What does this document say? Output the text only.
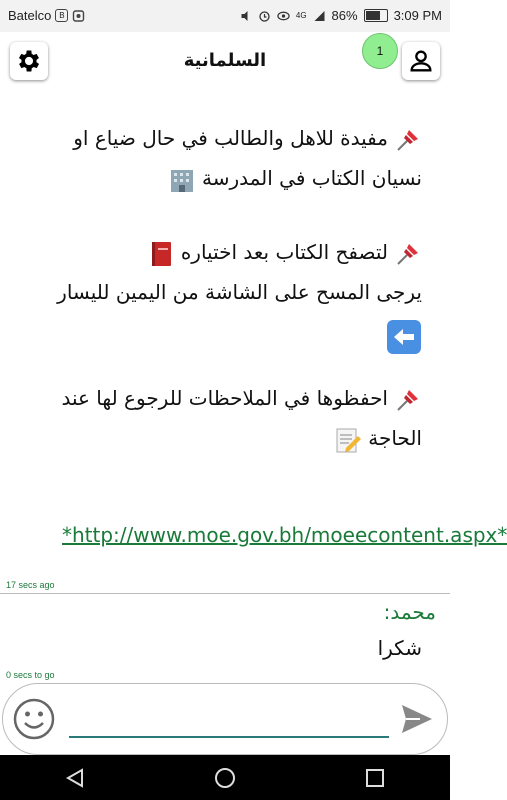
Batelco B	4G 86%	3:09 PM
السلمانية	1
مفيدة للاهل والطالب في حال ضياع او نسيان الكتاب في المدرسة
لتصفح الكتاب بعد اختياره
يرجى المسح على الشاشة من اليمين لليسار

احفظوها في الملاحظات للرجوع لها عند الحاجة
*http://www.moe.gov.bh/moeecontent.aspx*
17 secs ago
محمد:
شكرا
0 secs to go
